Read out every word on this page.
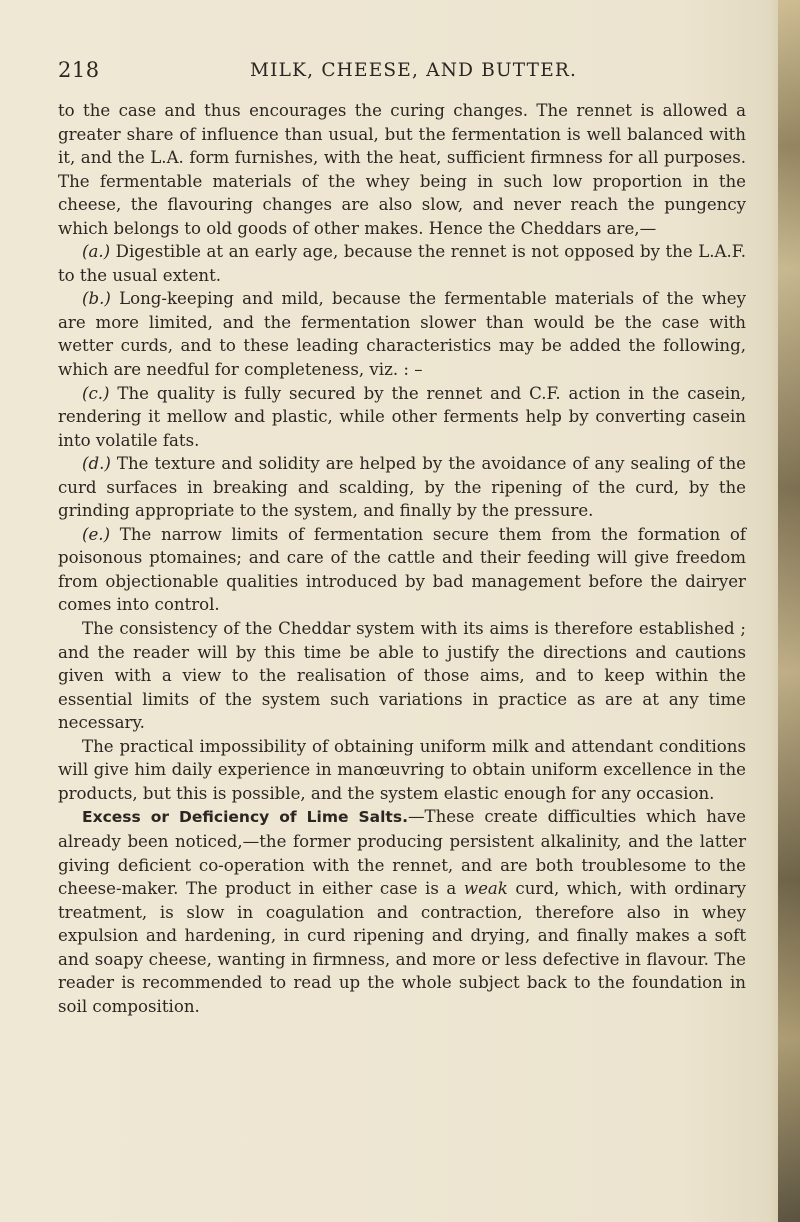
218	MILK, CHEESE, AND BUTTER.

to the case and thus encourages the curing changes. The rennet is allowed a greater share of influence than usual, but the fermentation is well balanced with it, and the L.A. form furnishes, with the heat, sufficient firmness for all purposes. The fermentable materials of the whey being in such low proportion in the cheese, the flavouring changes are also slow, and never reach the pungency which belongs to old goods of other makes. Hence the Cheddars are,—

(a.) Digestible at an early age, because the rennet is not opposed by the L.A.F. to the usual extent.

(b.) Long-keeping and mild, because the fermentable materials of the whey are more limited, and the fermentation slower than would be the case with wetter curds, and to these leading characteristics may be added the following, which are needful for completeness, viz. : –

(c.) The quality is fully secured by the rennet and C.F. action in the casein, rendering it mellow and plastic, while other ferments help by converting casein into volatile fats.

(d.) The texture and solidity are helped by the avoidance of any sealing of the curd surfaces in breaking and scalding, by the ripening of the curd, by the grinding appropriate to the system, and finally by the pressure.

(e.) The narrow limits of fermentation secure them from the formation of poisonous ptomaines; and care of the cattle and their feeding will give freedom from objectionable qualities introduced by bad management before the dairyer comes into control.

The consistency of the Cheddar system with its aims is therefore established ; and the reader will by this time be able to justify the directions and cautions given with a view to the realisation of those aims, and to keep within the essential limits of the system such variations in practice as are at any time necessary.

The practical impossibility of obtaining uniform milk and attendant conditions will give him daily experience in manœuvring to obtain uniform excellence in the products, but this is possible, and the system elastic enough for any occasion.

Excess or Deficiency of Lime Salts.—These create difficulties which have already been noticed,—the former producing persistent alkalinity, and the latter giving deficient co-operation with the rennet, and are both troublesome to the cheese-maker. The product in either case is a weak curd, which, with ordinary treatment, is slow in coagulation and contraction, therefore also in whey expulsion and hardening, in curd ripening and drying, and finally makes a soft and soapy cheese, wanting in firmness, and more or less defective in flavour. The reader is recommended to read up the whole subject back to the foundation in soil composition.
